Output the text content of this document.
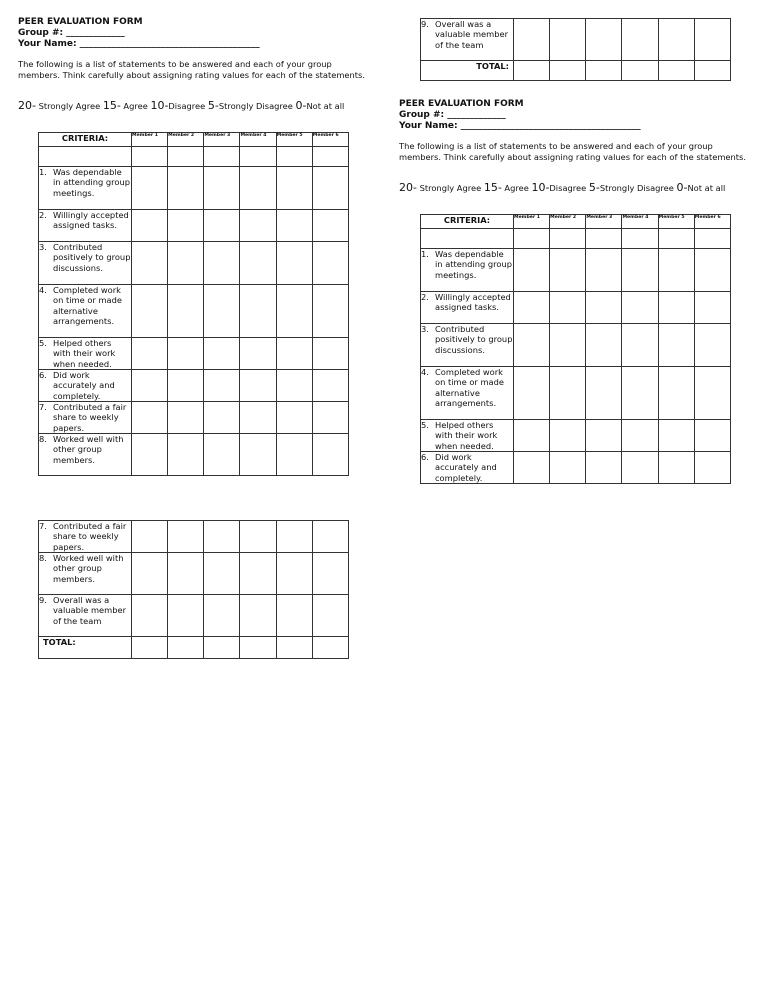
PEER EVALUATION FORM
Group #: _____________
Your Name: ________________________________________
The following is a list of statements to be answered and each of your group members. Think carefully about assigning rating values for each of the statements.
20- Strongly Agree 15- Agree 10-Disagree 5-Strongly Disagree 0-Not at all
CRITERIA:	Member 1	Member 2	Member 3	Member 4	Member 5	Member 6

1. Was dependable in attending group meetings.						

2. Willingly accepted assigned tasks.						

3. Contributed positively to group discussions.						

4. Completed work on time or made alternative arrangements.						

5. Helped others with their work when needed.						

6. Did work accurately and completely.						

7. Contributed a fair share to weekly papers.						

8. Worked well with other group members.						

7. Contributed a fair share to weekly papers.						

8. Worked well with other group members.						

9. Overall was a valuable member of the team						

TOTAL:						
9. Overall was a valuable member of the team						

TOTAL:						
PEER EVALUATION FORM
Group #: _____________
Your Name: ________________________________________
The following is a list of statements to be answered and each of your group members. Think carefully about assigning rating values for each of the statements.
20- Strongly Agree 15- Agree 10-Disagree 5-Strongly Disagree 0-Not at all
CRITERIA:	Member 1	Member 2	Member 3	Member 4	Member 5	Member 6

1. Was dependable in attending group meetings.						

2. Willingly accepted assigned tasks.						

3. Contributed positively to group discussions.						

4. Completed work on time or made alternative arrangements.						

5. Helped others with their work when needed.						

6. Did work accurately and completely.						
